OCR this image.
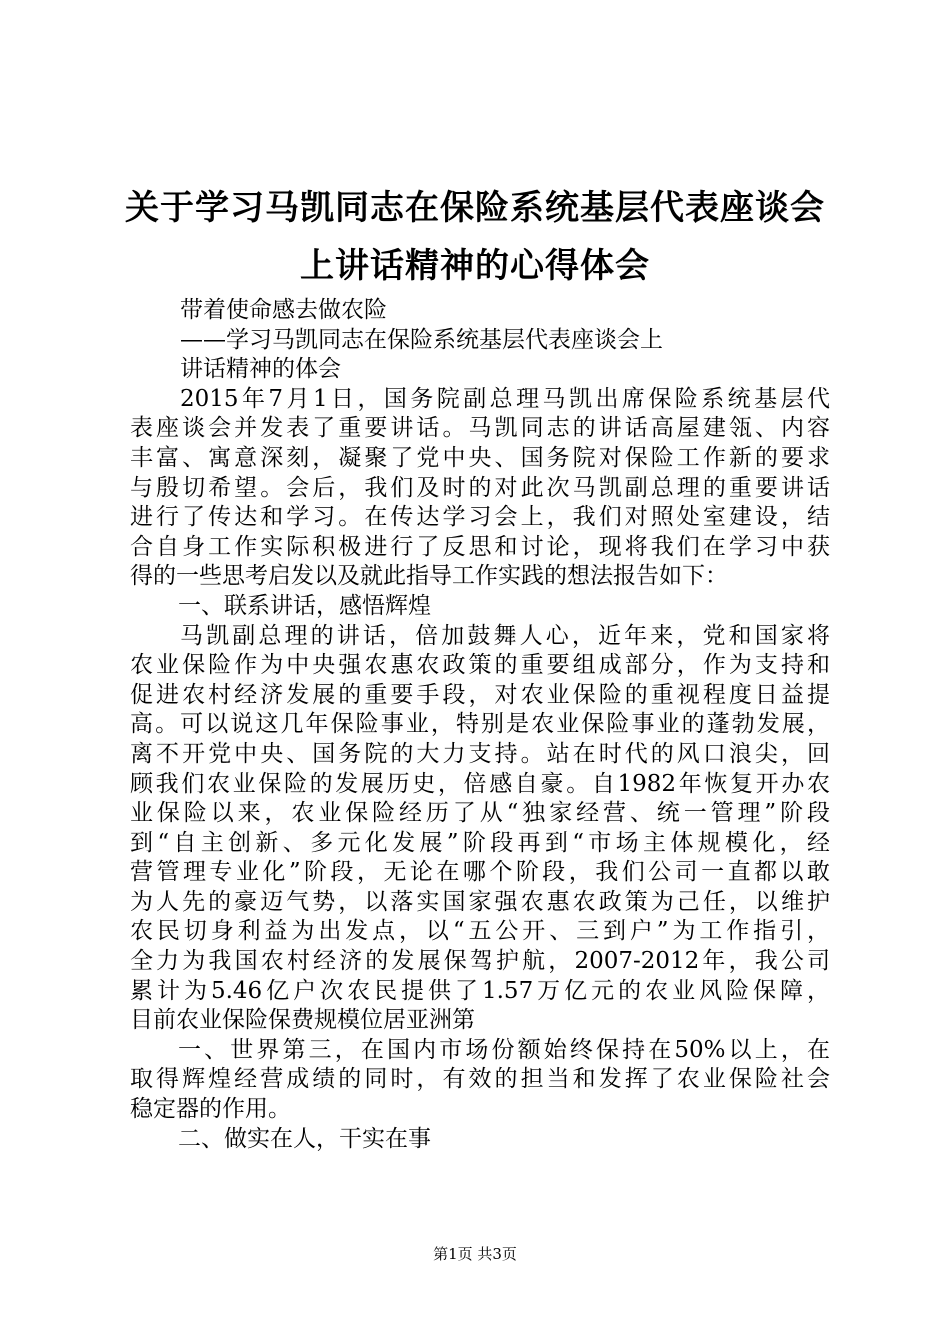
关于学习马凯同志在保险系统基层代表座谈会
上讲话精神的心得体会
带着使命感去做农险
——学习马凯同志在保险系统基层代表座谈会上
讲话精神的体会
2015年7月1日，国务院副总理马凯出席保险系统基层代
表座谈会并发表了重要讲话。马凯同志的讲话高屋建瓴、内容
丰富、寓意深刻，凝聚了党中央、国务院对保险工作新的要求
与殷切希望。会后，我们及时的对此次马凯副总理的重要讲话
进行了传达和学习。在传达学习会上，我们对照处室建设，结
合自身工作实际积极进行了反思和讨论，现将我们在学习中获
得的一些思考启发以及就此指导工作实践的想法报告如下：
一、联系讲话，感悟辉煌
马凯副总理的讲话，倍加鼓舞人心，近年来，党和国家将
农业保险作为中央强农惠农政策的重要组成部分，作为支持和
促进农村经济发展的重要手段，对农业保险的重视程度日益提
高。可以说这几年保险事业，特别是农业保险事业的蓬勃发展，
离不开党中央、国务院的大力支持。站在时代的风口浪尖，回
顾我们农业保险的发展历史，倍感自豪。自1982年恢复开办农
业保险以来，农业保险经历了从“独家经营、统一管理”阶段
到“自主创新、多元化发展”阶段再到“市场主体规模化，经
营管理专业化”阶段，无论在哪个阶段，我们公司一直都以敢
为人先的豪迈气势，以落实国家强农惠农政策为己任，以维护
农民切身利益为出发点，以“五公开、三到户”为工作指引，
全力为我国农村经济的发展保驾护航，2007-2012年，我公司
累计为5.46亿户次农民提供了1.57万亿元的农业风险保障，
目前农业保险保费规模位居亚洲第
一、世界第三，在国内市场份额始终保持在50%以上，在
取得辉煌经营成绩的同时，有效的担当和发挥了农业保险社会
稳定器的作用。
二、做实在人，干实在事
第1页 共3页
